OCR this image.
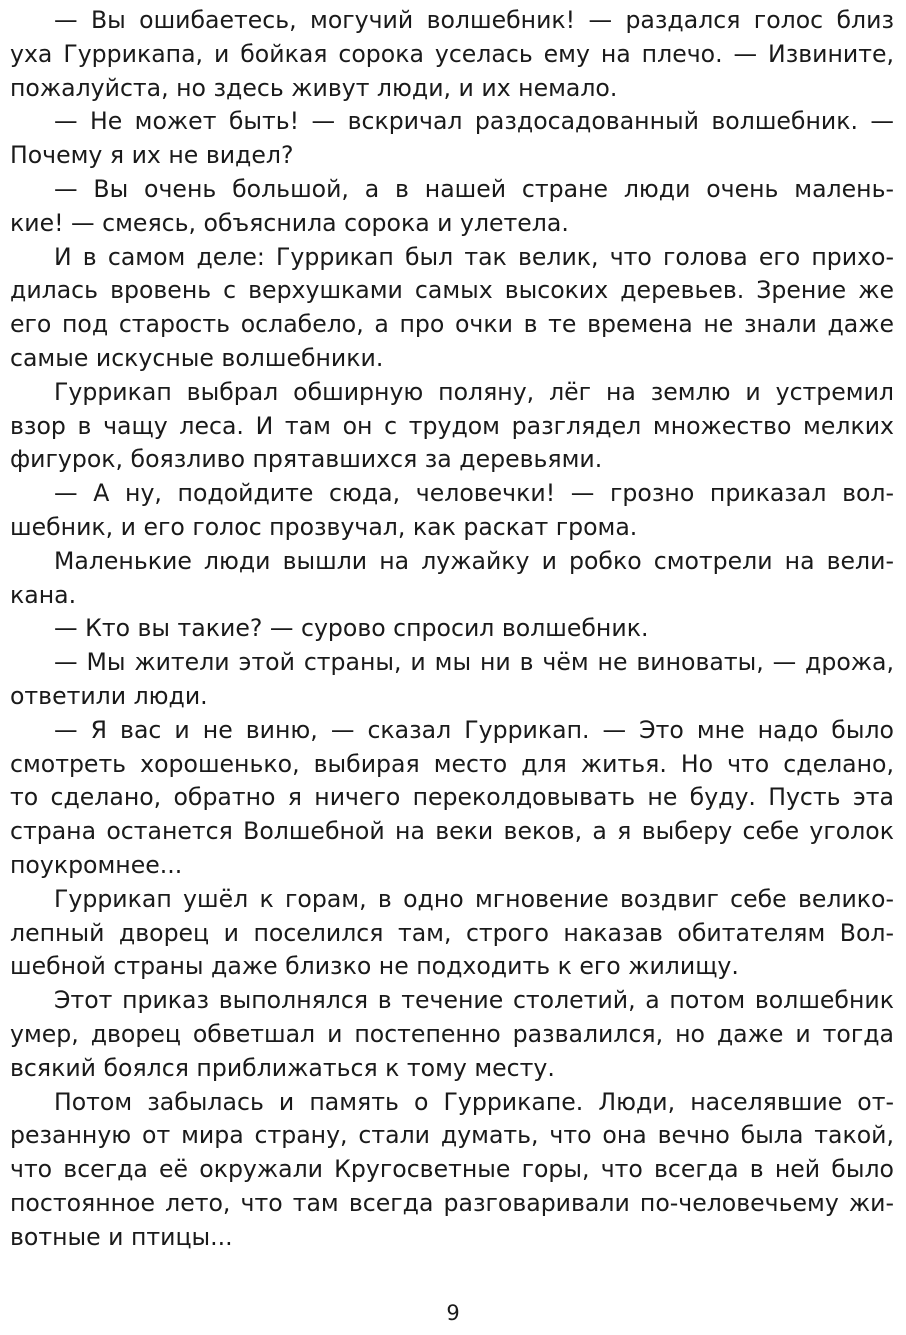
— Вы ошибаетесь, могучий волшебник! — раздался голос близ
уха Гуррикапа, и бойкая сорока уселась ему на плечо. — Извините,
пожалуйста, но здесь живут люди, и их немало.
— Не может быть! — вскричал раздосадованный волшебник. —
Почему я их не видел?
— Вы очень большой, а в нашей стране люди очень малень-
кие! — смеясь, объяснила сорока и улетела.
И в самом деле: Гуррикап был так велик, что голова его прихо-
дилась вровень с верхушками самых высоких деревьев. Зрение же
его под старость ослабело, а про очки в те времена не знали даже
самые искусные волшебники.
Гуррикап выбрал обширную поляну, лёг на землю и устремил
взор в чащу леса. И там он с трудом разглядел множество мелких
фигурок, боязливо прятавшихся за деревьями.
— А ну, подойдите сюда, человечки! — грозно приказал вол-
шебник, и его голос прозвучал, как раскат грома.
Маленькие люди вышли на лужайку и робко смотрели на вели-
кана.
— Кто вы такие? — сурово спросил волшебник.
— Мы жители этой страны, и мы ни в чём не виноваты, — дрожа,
ответили люди.
— Я вас и не виню, — сказал Гуррикап. — Это мне надо было
смотреть хорошенько, выбирая место для житья. Но что сделано,
то сделано, обратно я ничего переколдовывать не буду. Пусть эта
страна останется Волшебной на веки веков, а я выберу себе уголок
поукромнее...
Гуррикап ушёл к горам, в одно мгновение воздвиг себе велико-
лепный дворец и поселился там, строго наказав обитателям Вол-
шебной страны даже близко не подходить к его жилищу.
Этот приказ выполнялся в течение столетий, а потом волшебник
умер, дворец обветшал и постепенно развалился, но даже и тогда
всякий боялся приближаться к тому месту.
Потом забылась и память о Гуррикапе. Люди, населявшие от-
резанную от мира страну, стали думать, что она вечно была такой,
что всегда её окружали Кругосветные горы, что всегда в ней было
постоянное лето, что там всегда разговаривали по-человечьему жи-
вотные и птицы...
9
